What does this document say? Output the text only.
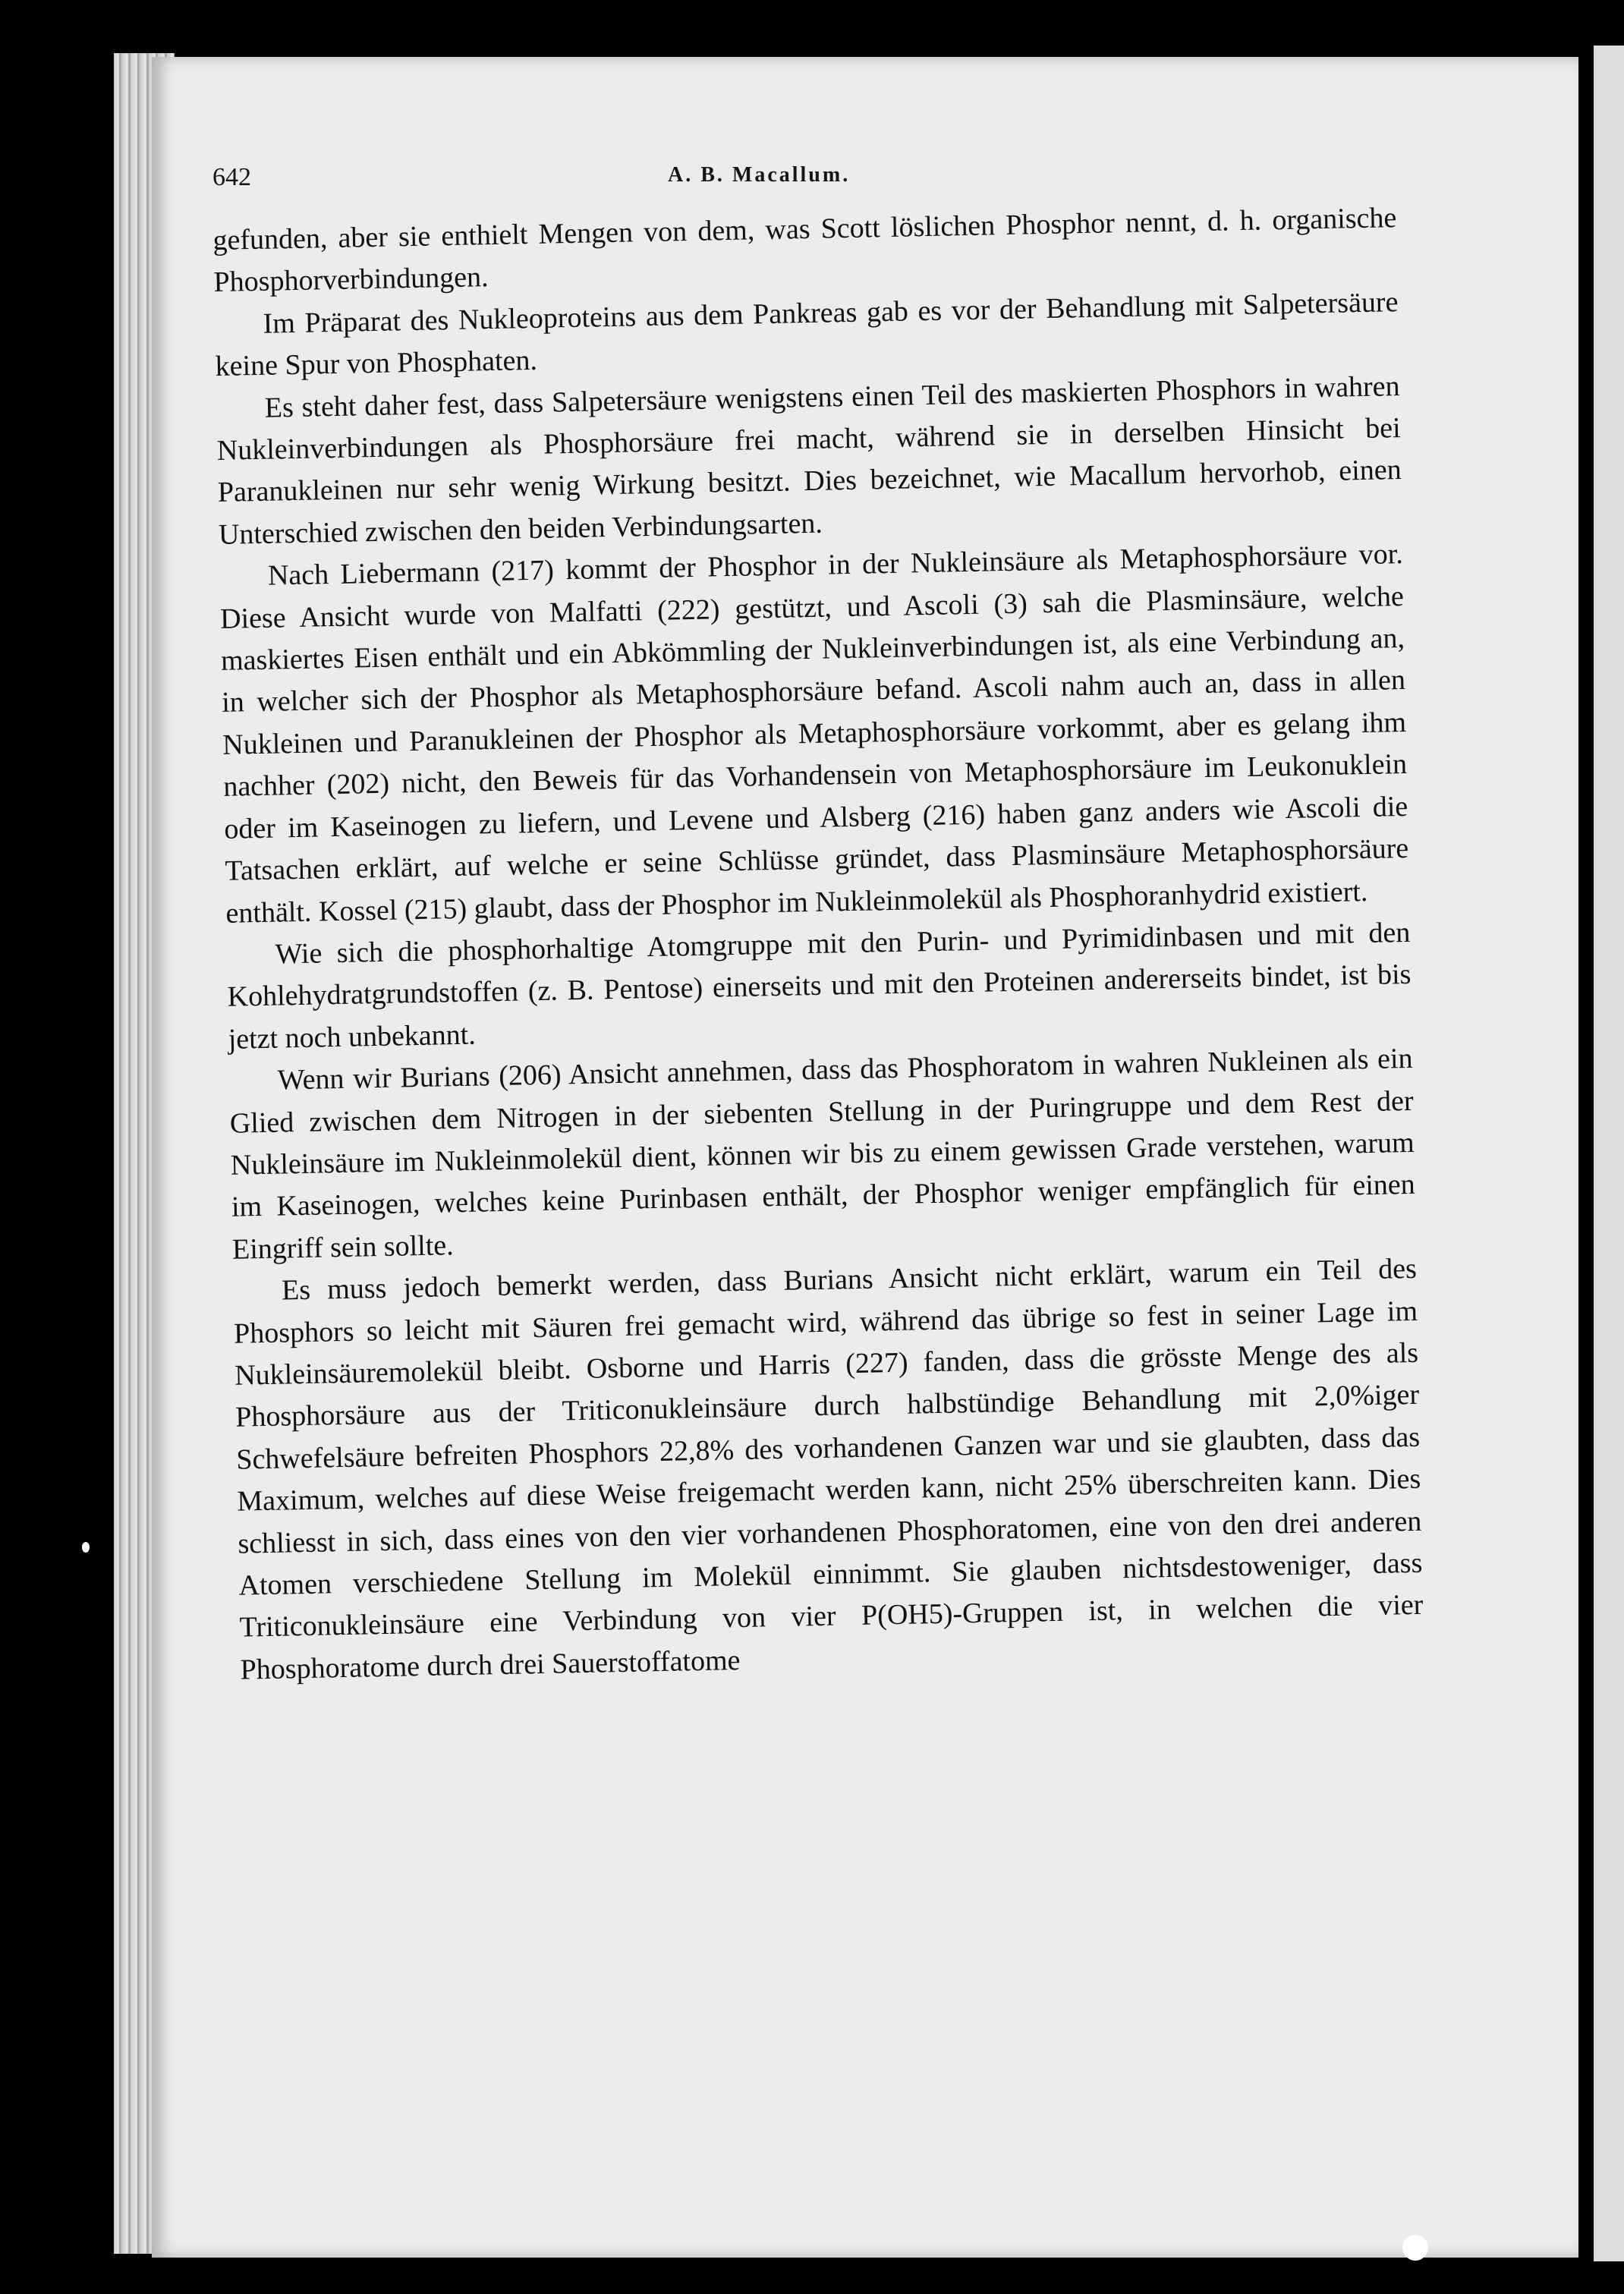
642	A. B. Macallum.

gefunden, aber sie enthielt Mengen von dem, was Scott löslichen Phosphor nennt, d. h. organische Phosphorverbindungen.

Im Präparat des Nukleoproteins aus dem Pankreas gab es vor der Behandlung mit Salpetersäure keine Spur von Phosphaten.

Es steht daher fest, dass Salpetersäure wenigstens einen Teil des maskierten Phosphors in wahren Nukleinverbindungen als Phosphorsäure frei macht, während sie in derselben Hinsicht bei Paranukleinen nur sehr wenig Wirkung besitzt. Dies bezeichnet, wie Macallum hervorhob, einen Unterschied zwischen den beiden Verbindungsarten.

Nach Liebermann (217) kommt der Phosphor in der Nukleinsäure als Metaphosphorsäure vor. Diese Ansicht wurde von Malfatti (222) gestützt, und Ascoli (3) sah die Plasminsäure, welche maskiertes Eisen enthält und ein Abkömmling der Nukleinverbindungen ist, als eine Verbindung an, in welcher sich der Phosphor als Metaphosphorsäure befand. Ascoli nahm auch an, dass in allen Nukleinen und Paranukleinen der Phosphor als Metaphosphorsäure vorkommt, aber es gelang ihm nachher (202) nicht, den Beweis für das Vorhandensein von Metaphosphorsäure im Leukonuklein oder im Kaseinogen zu liefern, und Levene und Alsberg (216) haben ganz anders wie Ascoli die Tatsachen erklärt, auf welche er seine Schlüsse gründet, dass Plasminsäure Metaphosphorsäure enthält. Kossel (215) glaubt, dass der Phosphor im Nukleinmolekül als Phosphoranhydrid existiert.

Wie sich die phosphorhaltige Atomgruppe mit den Purin- und Pyrimidinbasen und mit den Kohlehydratgrundstoffen (z. B. Pentose) einerseits und mit den Proteinen andererseits bindet, ist bis jetzt noch unbekannt.

Wenn wir Burians (206) Ansicht annehmen, dass das Phosphoratom in wahren Nukleinen als ein Glied zwischen dem Nitrogen in der siebenten Stellung in der Puringruppe und dem Rest der Nukleinsäure im Nukleinmolekül dient, können wir bis zu einem gewissen Grade verstehen, warum im Kaseinogen, welches keine Purinbasen enthält, der Phosphor weniger empfänglich für einen Eingriff sein sollte.

Es muss jedoch bemerkt werden, dass Burians Ansicht nicht erklärt, warum ein Teil des Phosphors so leicht mit Säuren frei gemacht wird, während das übrige so fest in seiner Lage im Nukleinsäuremolekül bleibt. Osborne und Harris (227) fanden, dass die grösste Menge des als Phosphorsäure aus der Triticonukleinsäure durch halbstündige Behandlung mit 2,0%iger Schwefelsäure befreiten Phosphors 22,8% des vorhandenen Ganzen war und sie glaubten, dass das Maximum, welches auf diese Weise freigemacht werden kann, nicht 25% überschreiten kann. Dies schliesst in sich, dass eines von den vier vorhandenen Phosphoratomen, eine von den drei anderen Atomen verschiedene Stellung im Molekül einnimmt. Sie glauben nichtsdestoweniger, dass Triticonukleinsäure eine Verbindung von vier P(OH5)-Gruppen ist, in welchen die vier Phosphoratome durch drei Sauerstoffatome
